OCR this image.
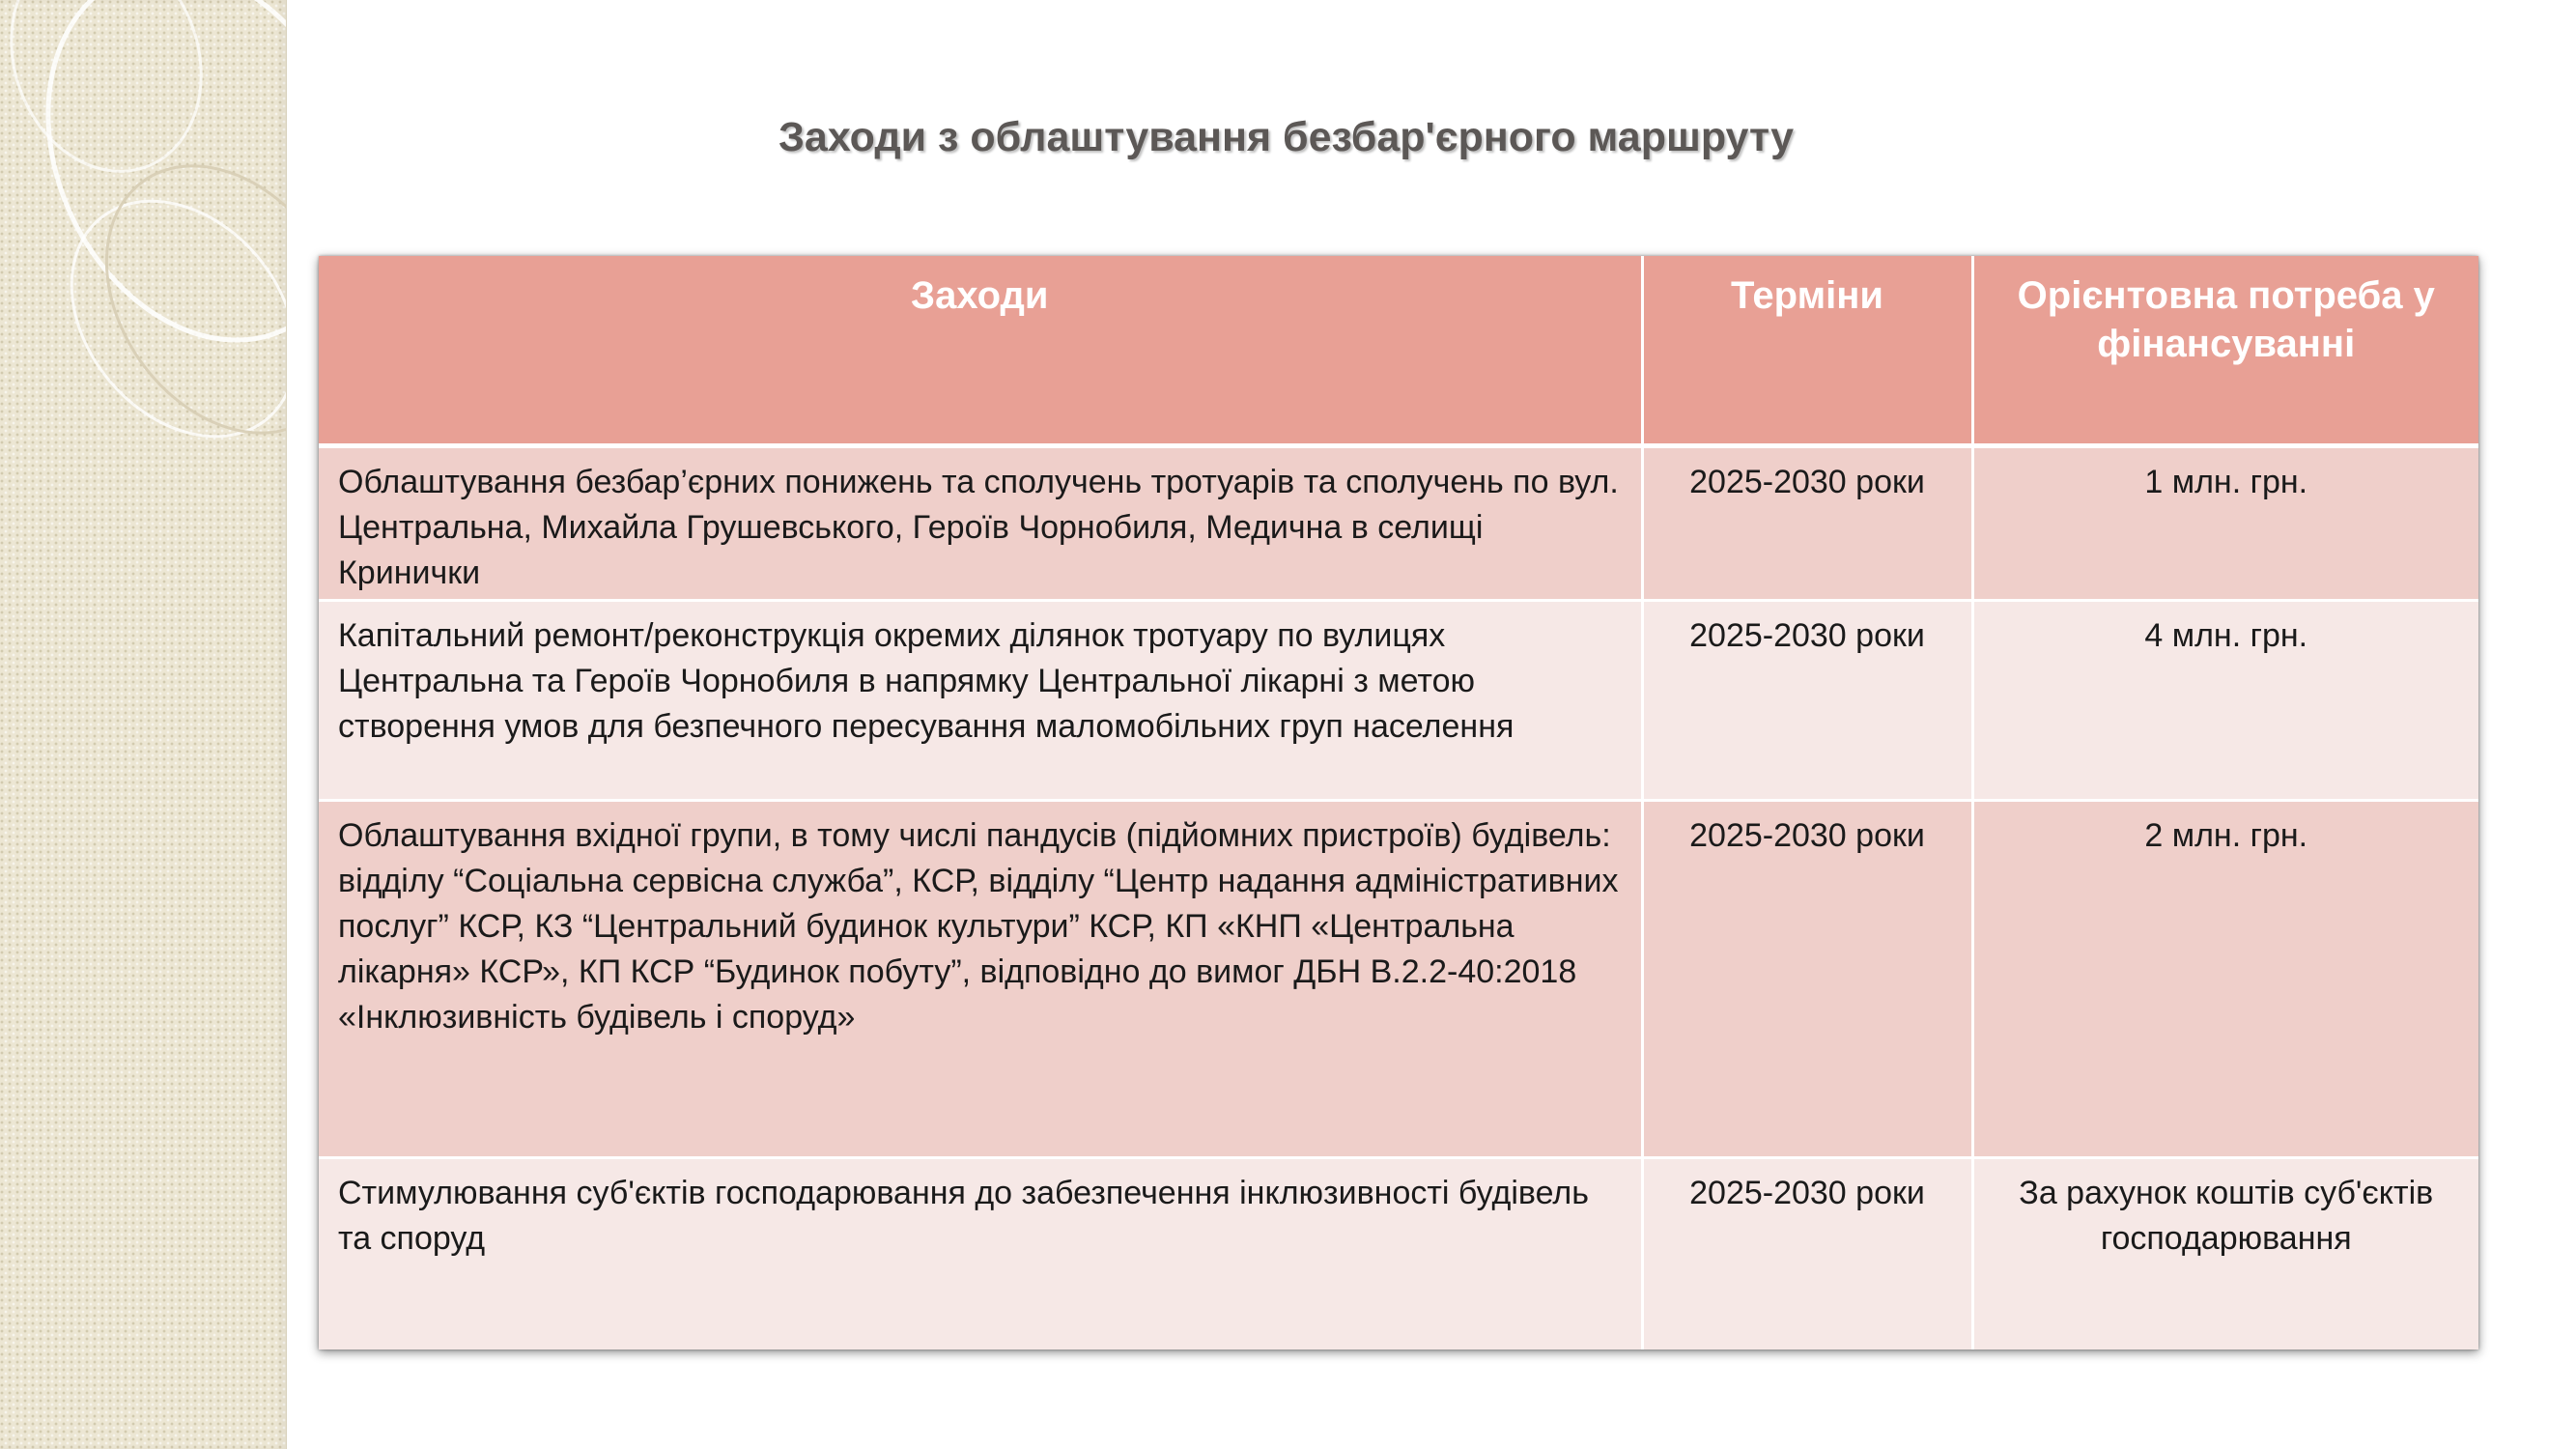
Заходи з облаштування безбар'єрного маршруту
Заходи	Терміни	Орієнтовна потреба у фінансуванні
Облаштування безбар’єрних понижень та сполучень тротуарів та сполучень по вул. Центральна, Михайла Грушевського, Героїв Чорнобиля, Медична в селищі Кринички	2025-2030 роки	1 млн. грн.
Капітальний ремонт/реконструкція окремих ділянок тротуару по вулицях Центральна та Героїв Чорнобиля в напрямку Центральної лікарні з метою створення умов для безпечного пересування маломобільних груп населення	2025-2030 роки	4 млн. грн.
Облаштування вхідної групи, в тому числі пандусів (підйомних пристроїв) будівель: відділу “Соціальна сервісна служба”, КСР, відділу “Центр надання адміністративних послуг” КСР, КЗ “Центральний будинок культури” КСР, КП «КНП «Центральна лікарня» КСР», КП КСР “Будинок побуту”, відповідно до вимог ДБН В.2.2-40:2018 «Інклюзивність будівель і споруд»	2025-2030 роки	2 млн. грн.
Стимулювання суб'єктів господарювання до забезпечення інклюзивності будівель та споруд	2025-2030 роки	За рахунок коштів суб'єктів господарювання
